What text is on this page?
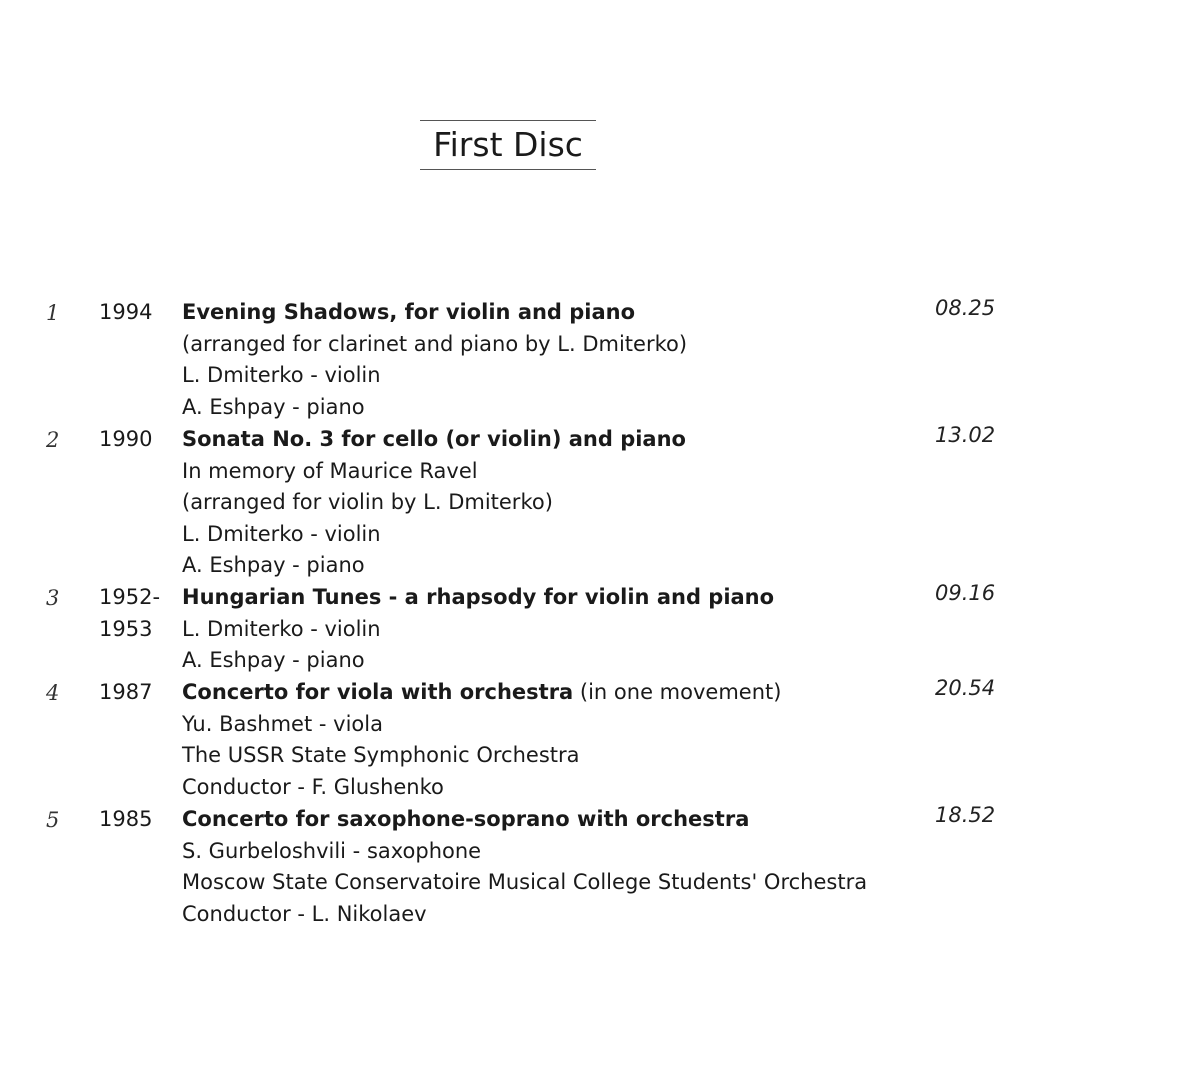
First Disc
1 1994 Evening Shadows, for violin and piano
(arranged for clarinet and piano by L. Dmiterko)
L. Dmiterko - violin
A. Eshpay - piano
08.25
2 1990 Sonata No. 3 for cello (or violin) and piano
In memory of Maurice Ravel
(arranged for violin by L. Dmiterko)
L. Dmiterko - violin
A. Eshpay - piano
13.02
3 1952-
1953
Hungarian Tunes - a rhapsody for violin and piano
L. Dmiterko - violin
A. Eshpay - piano
09.16
4 1987 Concerto for viola with orchestra (in one movement)
Yu. Bashmet - viola
The USSR State Symphonic Orchestra
Conductor - F. Glushenko
20.54
5 1985 Concerto for saxophone-soprano with orchestra
S. Gurbeloshvili - saxophone
Moscow State Conservatoire Musical College Students' Orchestra
Conductor - L. Nikolaev
18.52
